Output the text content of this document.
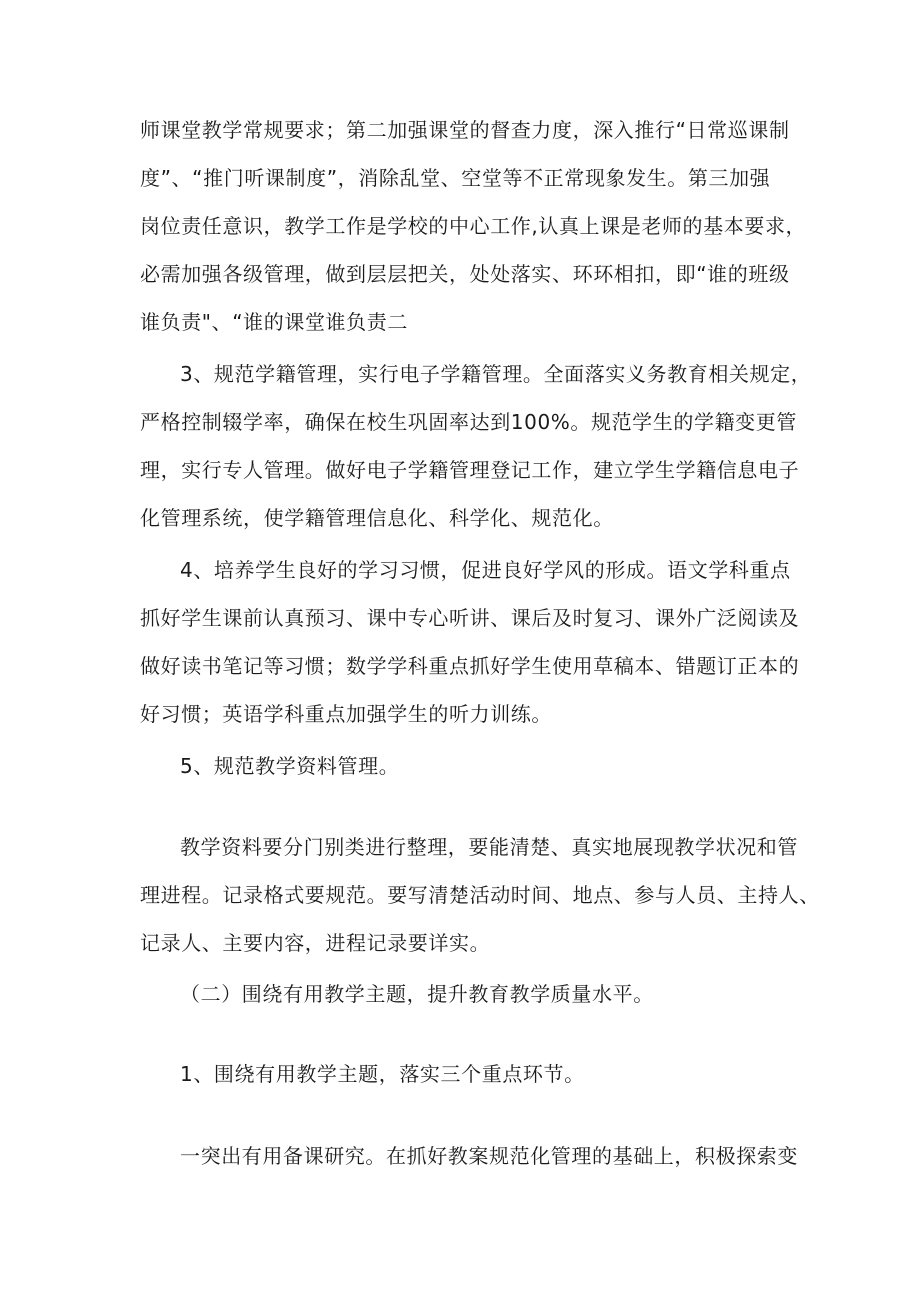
师课堂教学常规要求；第二加强课堂的督查力度，深入推行“日常巡课制
度”、“推门听课制度”，消除乱堂、空堂等不正常现象发生。第三加强
岗位责任意识，教学工作是学校的中心工作,认真上课是老师的基本要求，
必需加强各级管理，做到层层把关，处处落实、环环相扣，即“谁的班级
谁负责"、“谁的课堂谁负责二

3、规范学籍管理，实行电子学籍管理。全面落实义务教育相关规定，
严格控制辍学率，确保在校生巩固率达到100%。规范学生的学籍变更管
理，实行专人管理。做好电子学籍管理登记工作，建立学生学籍信息电子
化管理系统，使学籍管理信息化、科学化、规范化。

4、培养学生良好的学习习惯，促进良好学风的形成。语文学科重点
抓好学生课前认真预习、课中专心听讲、课后及时复习、课外广泛阅读及
做好读书笔记等习惯；数学学科重点抓好学生使用草稿本、错题订正本的
好习惯；英语学科重点加强学生的听力训练。

5、规范教学资料管理。

教学资料要分门别类进行整理，要能清楚、真实地展现教学状况和管
理进程。记录格式要规范。要写清楚活动时间、地点、参与人员、主持人、
记录人、主要内容，进程记录要详实。

（二）围绕有用教学主题，提升教育教学质量水平。

1、围绕有用教学主题，落实三个重点环节。

一突出有用备课研究。在抓好教案规范化管理的基础上，积极探索变
